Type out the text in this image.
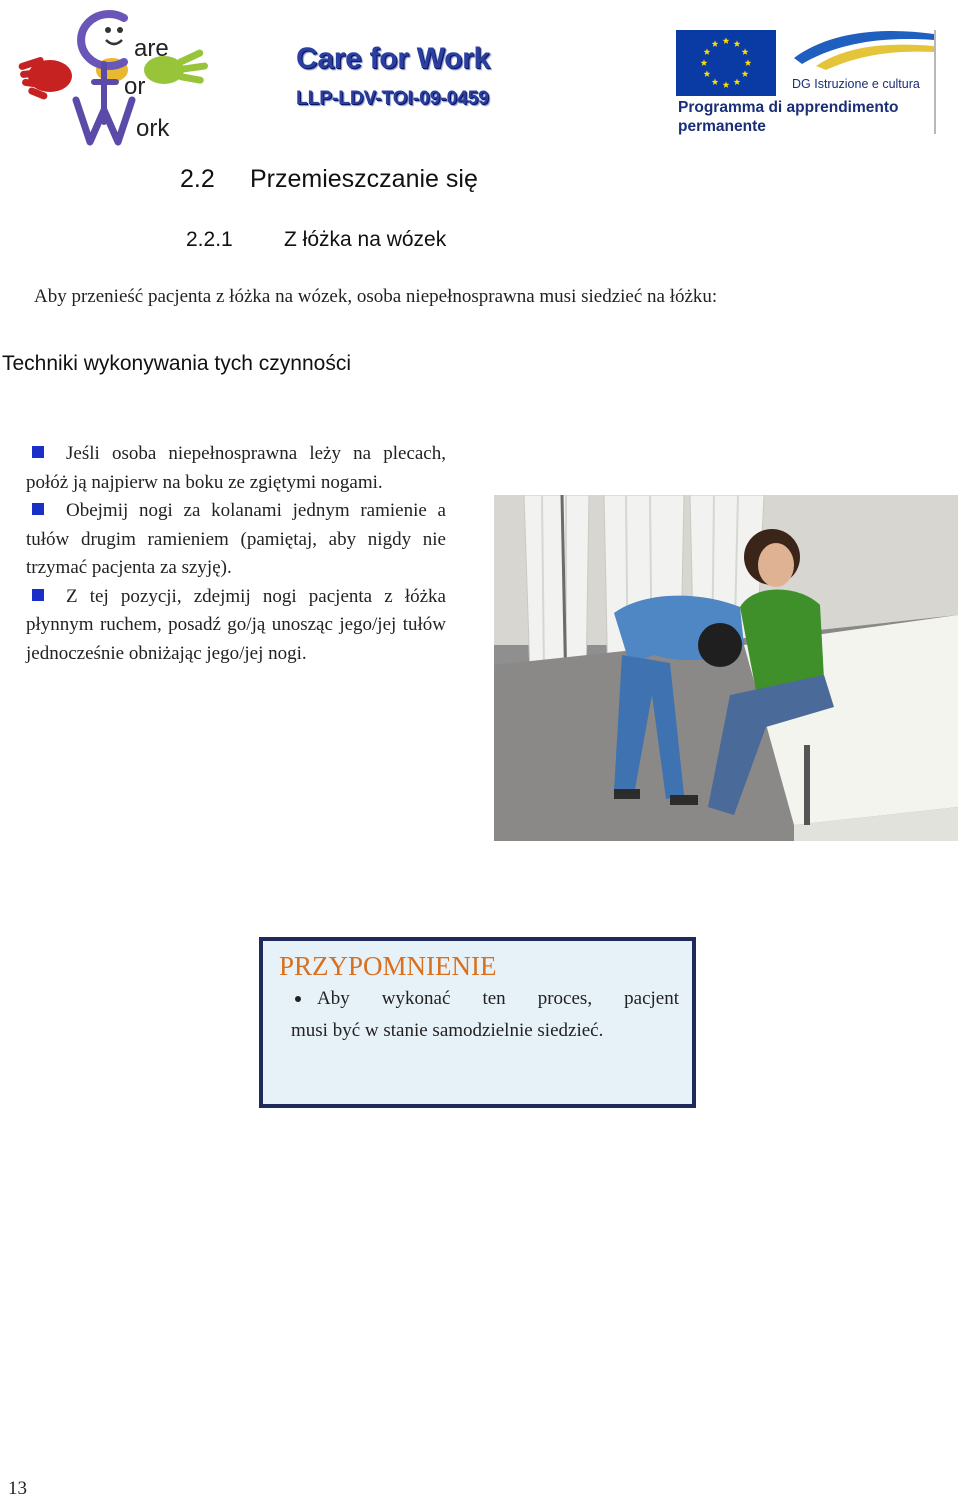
are
or
ork
Care for Work
LLP-LDV-TOI-09-0459
DG Istruzione e cultura
Programma di apprendimento
permanente
2.2 Przemieszczanie się
2.2.1 Z łóżka na wózek
Aby przenieść pacjenta z łóżka na wózek, osoba niepełnosprawna musi siedzieć na łóżku:
Techniki wykonywania tych czynności
Jeśli osoba niepełnosprawna leży na plecach, połóż ją najpierw na boku ze zgiętymi nogami.
Obejmij nogi za kolanami jednym ramienie a tułów drugim ramieniem (pamiętaj, aby nigdy nie trzymać pacjenta za szyję).
Z tej pozycji, zdejmij nogi pacjenta z łóżka płynnym ruchem, posadź go/ją unosząc jego/jej tułów jednocześnie obniżając jego/jej nogi.
PRZYPOMNIENIE
Aby wykonać ten proces, pacjent
musi być w stanie samodzielnie siedzieć.
13
